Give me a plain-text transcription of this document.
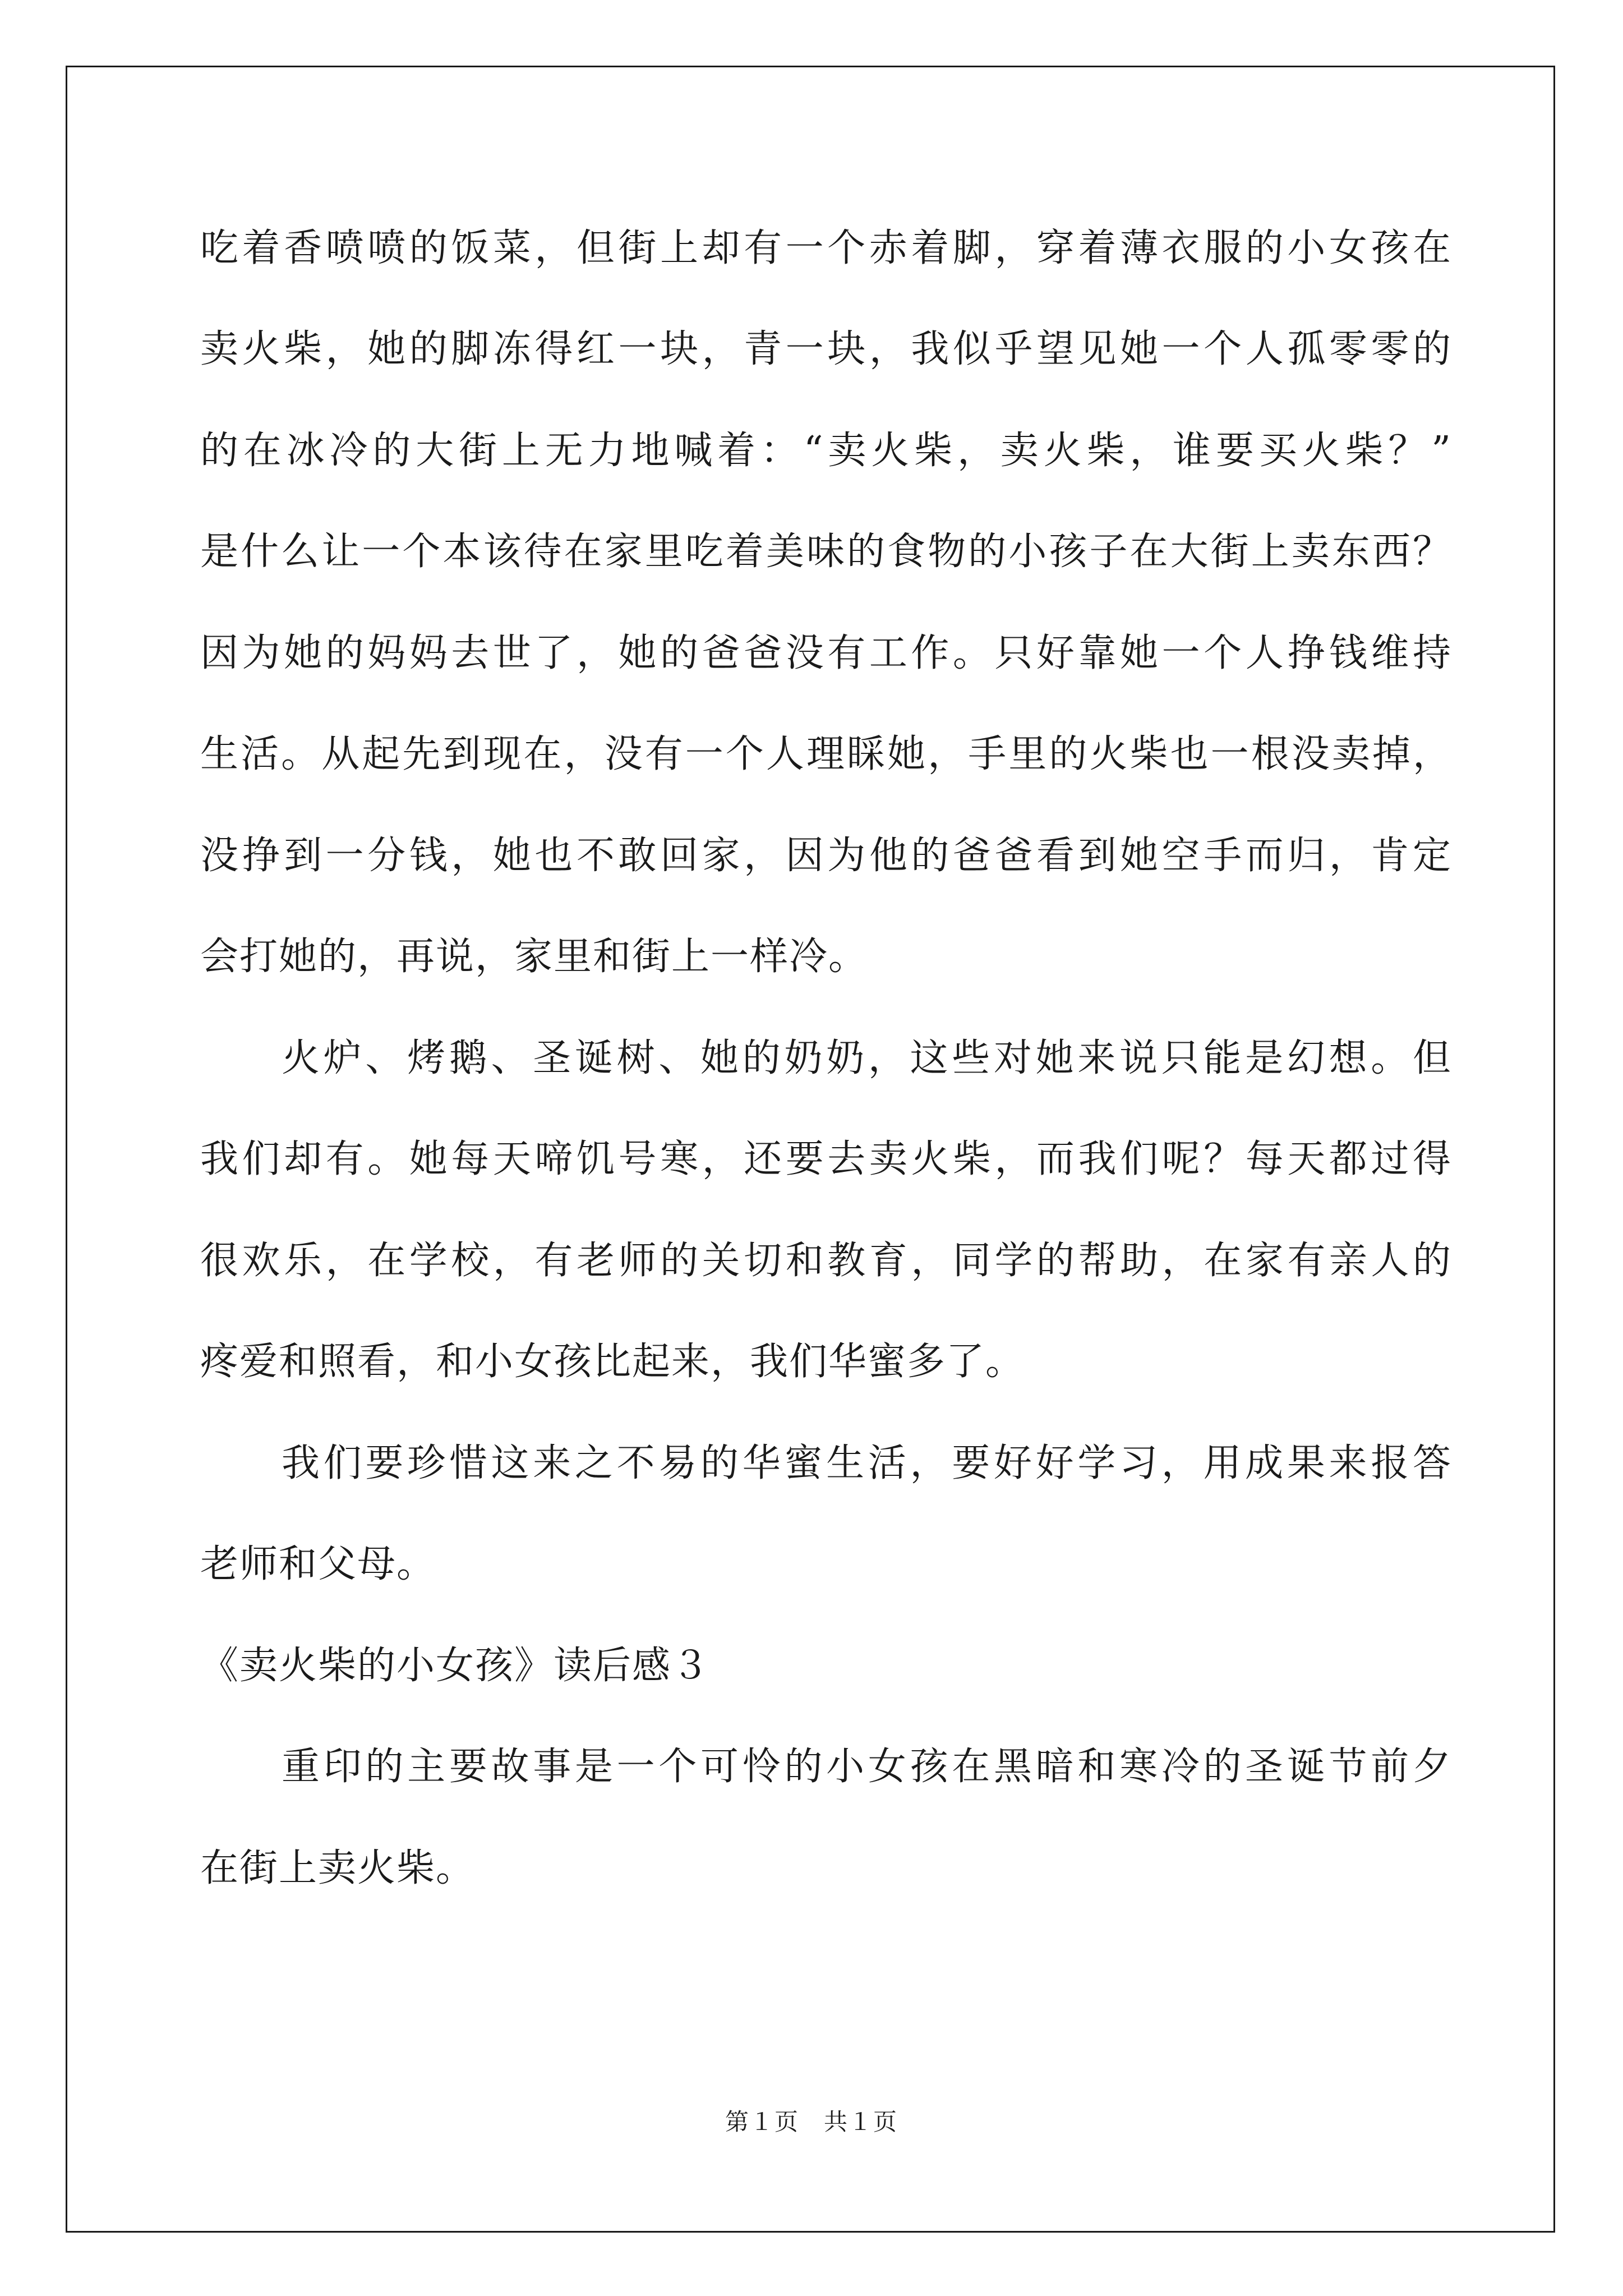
吃着香喷喷的饭菜，但街上却有一个赤着脚，穿着薄衣服的小女孩在
卖火柴，她的脚冻得红一块，青一块，我似乎望见她一个人孤零零的
的在冰冷的大街上无力地喊着：“卖火柴，卖火柴，谁要买火柴？”
是什么让一个本该待在家里吃着美味的食物的小孩子在大街上卖东西？
因为她的妈妈去世了，她的爸爸没有工作。只好靠她一个人挣钱维持
生活。从起先到现在，没有一个人理睬她，手里的火柴也一根没卖掉，
没挣到一分钱，她也不敢回家，因为他的爸爸看到她空手而归，肯定
会打她的，再说，家里和街上一样冷。
火炉、烤鹅、圣诞树、她的奶奶，这些对她来说只能是幻想。但
我们却有。她每天啼饥号寒，还要去卖火柴，而我们呢？每天都过得
很欢乐，在学校，有老师的关切和教育，同学的帮助，在家有亲人的
疼爱和照看，和小女孩比起来，我们华蜜多了。
我们要珍惜这来之不易的华蜜生活，要好好学习，用成果来报答
老师和父母。
《卖火柴的小女孩》读后感３
重印的主要故事是一个可怜的小女孩在黑暗和寒冷的圣诞节前夕
在街上卖火柴。
第１页 共１页
